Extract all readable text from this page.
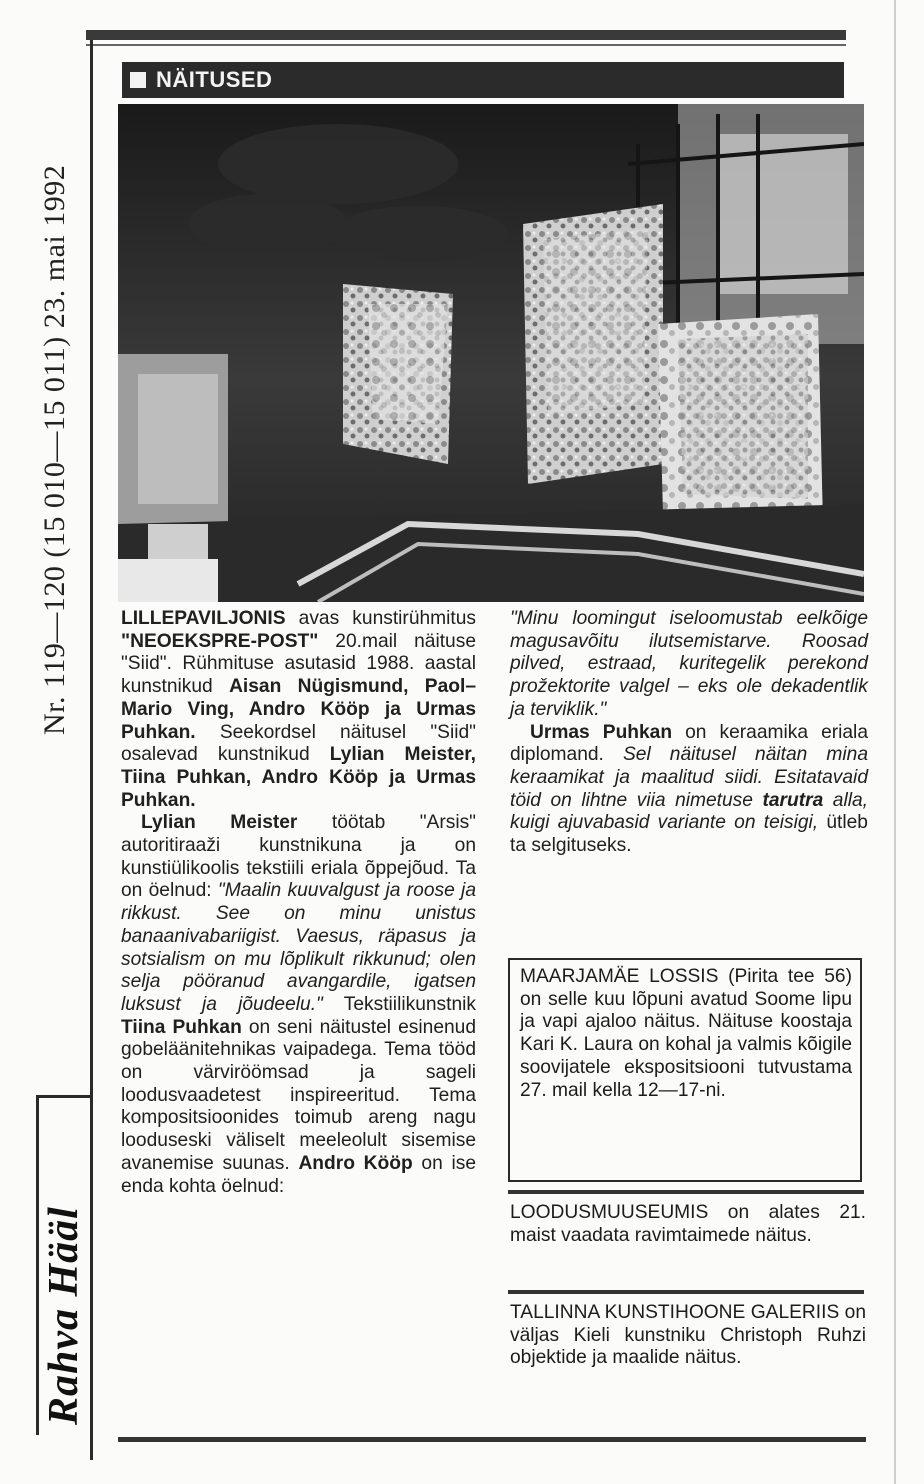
Nr. 119—120 (15 010—15 011) 23. mai 1992
Rahva Hääl
NÄITUSED

LILLEPAVILJONIS avas kunstirühmitus "NEOEKSPRE-POST" 20.mail näituse "Siid". Rühmituse asutasid 1988. aastal kunstnikud Aisan Nügismund, Paol–Mario Ving, Andro Kööp ja Urmas Puhkan. Seekordsel näitusel "Siid" osalevad kunstnikud Lylian Meister, Tiina Puhkan, Andro Kööp ja Urmas Puhkan.

Lylian Meister töötab "Arsis" autoritiraaži kunstnikuna ja on kunstiülikoolis tekstiili eriala õppejõud. Ta on öelnud: "Maalin kuuvalgust ja roose ja rikkust. See on minu unistus banaanivabariigist. Vaesus, räpasus ja sotsialism on mu lõplikult rikkunud; olen selja pööranud avangardile, igatsen luksust ja jõudeelu." Tekstiilikunstnik Tiina Puhkan on seni näitustel esinenud gobeläänitehnikas vaipadega. Tema tööd on värviröömsad ja sageli loodusvaadetest inspireeritud. Tema kompositsioonides toimub areng nagu looduseski väliselt meeleolult sisemise avanemise suunas. Andro Kööp on ise enda kohta öelnud:

"Minu loomingut iseloomustab eelkõige magusavõitu ilutsemistarve. Roosad pilved, estraad, kuritegelik perekond prožektorite valgel – eks ole dekadentlik ja terviklik."

Urmas Puhkan on keraamika eriala diplomand. Sel näitusel näitan mina keraamikat ja maalitud siidi. Esitatavaid töid on lihtne viia nimetuse tarutra alla, kuigi ajuvabasid variante on teisigi, ütleb ta selgituseks.

MAARJAMÄE LOSSIS (Pirita tee 56) on selle kuu lõpuni avatud Soome lipu ja vapi ajaloo näitus. Näituse koostaja Kari K. Laura on kohal ja valmis kõigile soovijatele ekspositsiooni tutvustama 27. mail kella 12—17-ni.

LOODUSMUUSEUMIS on alates 21. maist vaadata ravimtaimede näitus.

TALLINNA KUNSTIHOONE GALERIIS on väljas Kieli kunstniku Christoph Ruhzi objektide ja maalide näitus.
